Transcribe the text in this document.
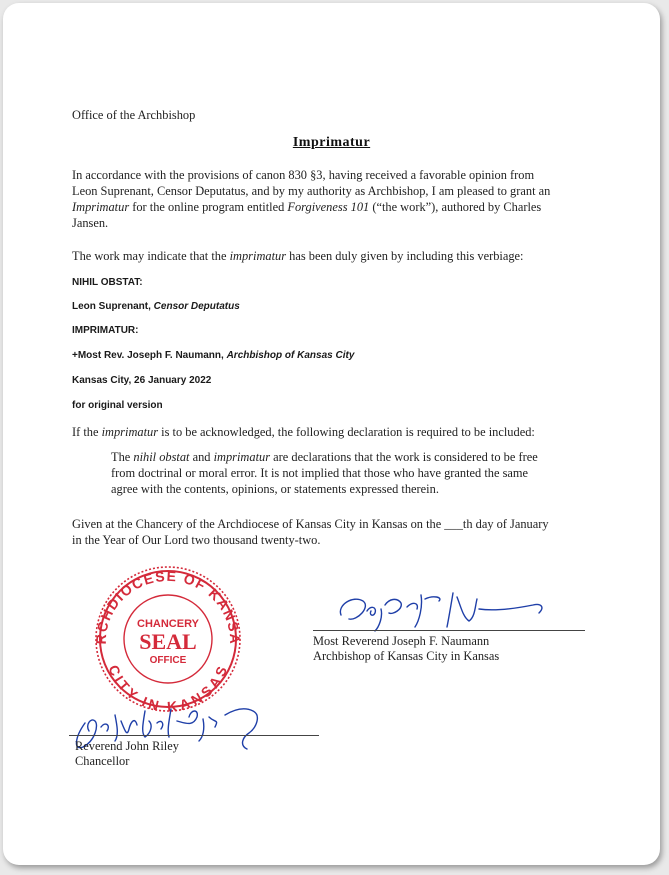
Office of the Archbishop
Imprimatur
In accordance with the provisions of canon 830 §3, having received a favorable opinion from
Leon Suprenant, Censor Deputatus, and by my authority as Archbishop, I am pleased to grant an
Imprimatur for the online program entitled Forgiveness 101 (“the work”), authored by Charles
Jansen.
The work may indicate that the imprimatur has been duly given by including this verbiage:
NIHIL OBSTAT:
Leon Suprenant, Censor Deputatus
IMPRIMATUR:
+Most Rev. Joseph F. Naumann, Archbishop of Kansas City
Kansas City, 26 January 2022
for original version
If the imprimatur is to be acknowledged, the following declaration is required to be included:
The nihil obstat and imprimatur are declarations that the work is considered to be free
from doctrinal or moral error. It is not implied that those who have granted the same
agree with the contents, opinions, or statements expressed therein.
Given at the Chancery of the Archdiocese of Kansas City in Kansas on the ___th day of January
in the Year of Our Lord two thousand twenty-two.
RCHDIOCESE OF KANSA
CITY IN KANSAS
CHANCERY
SEAL
OFFICE
Most Reverend Joseph F. Naumann
Archbishop of Kansas City in Kansas
Reverend John Riley
Chancellor
